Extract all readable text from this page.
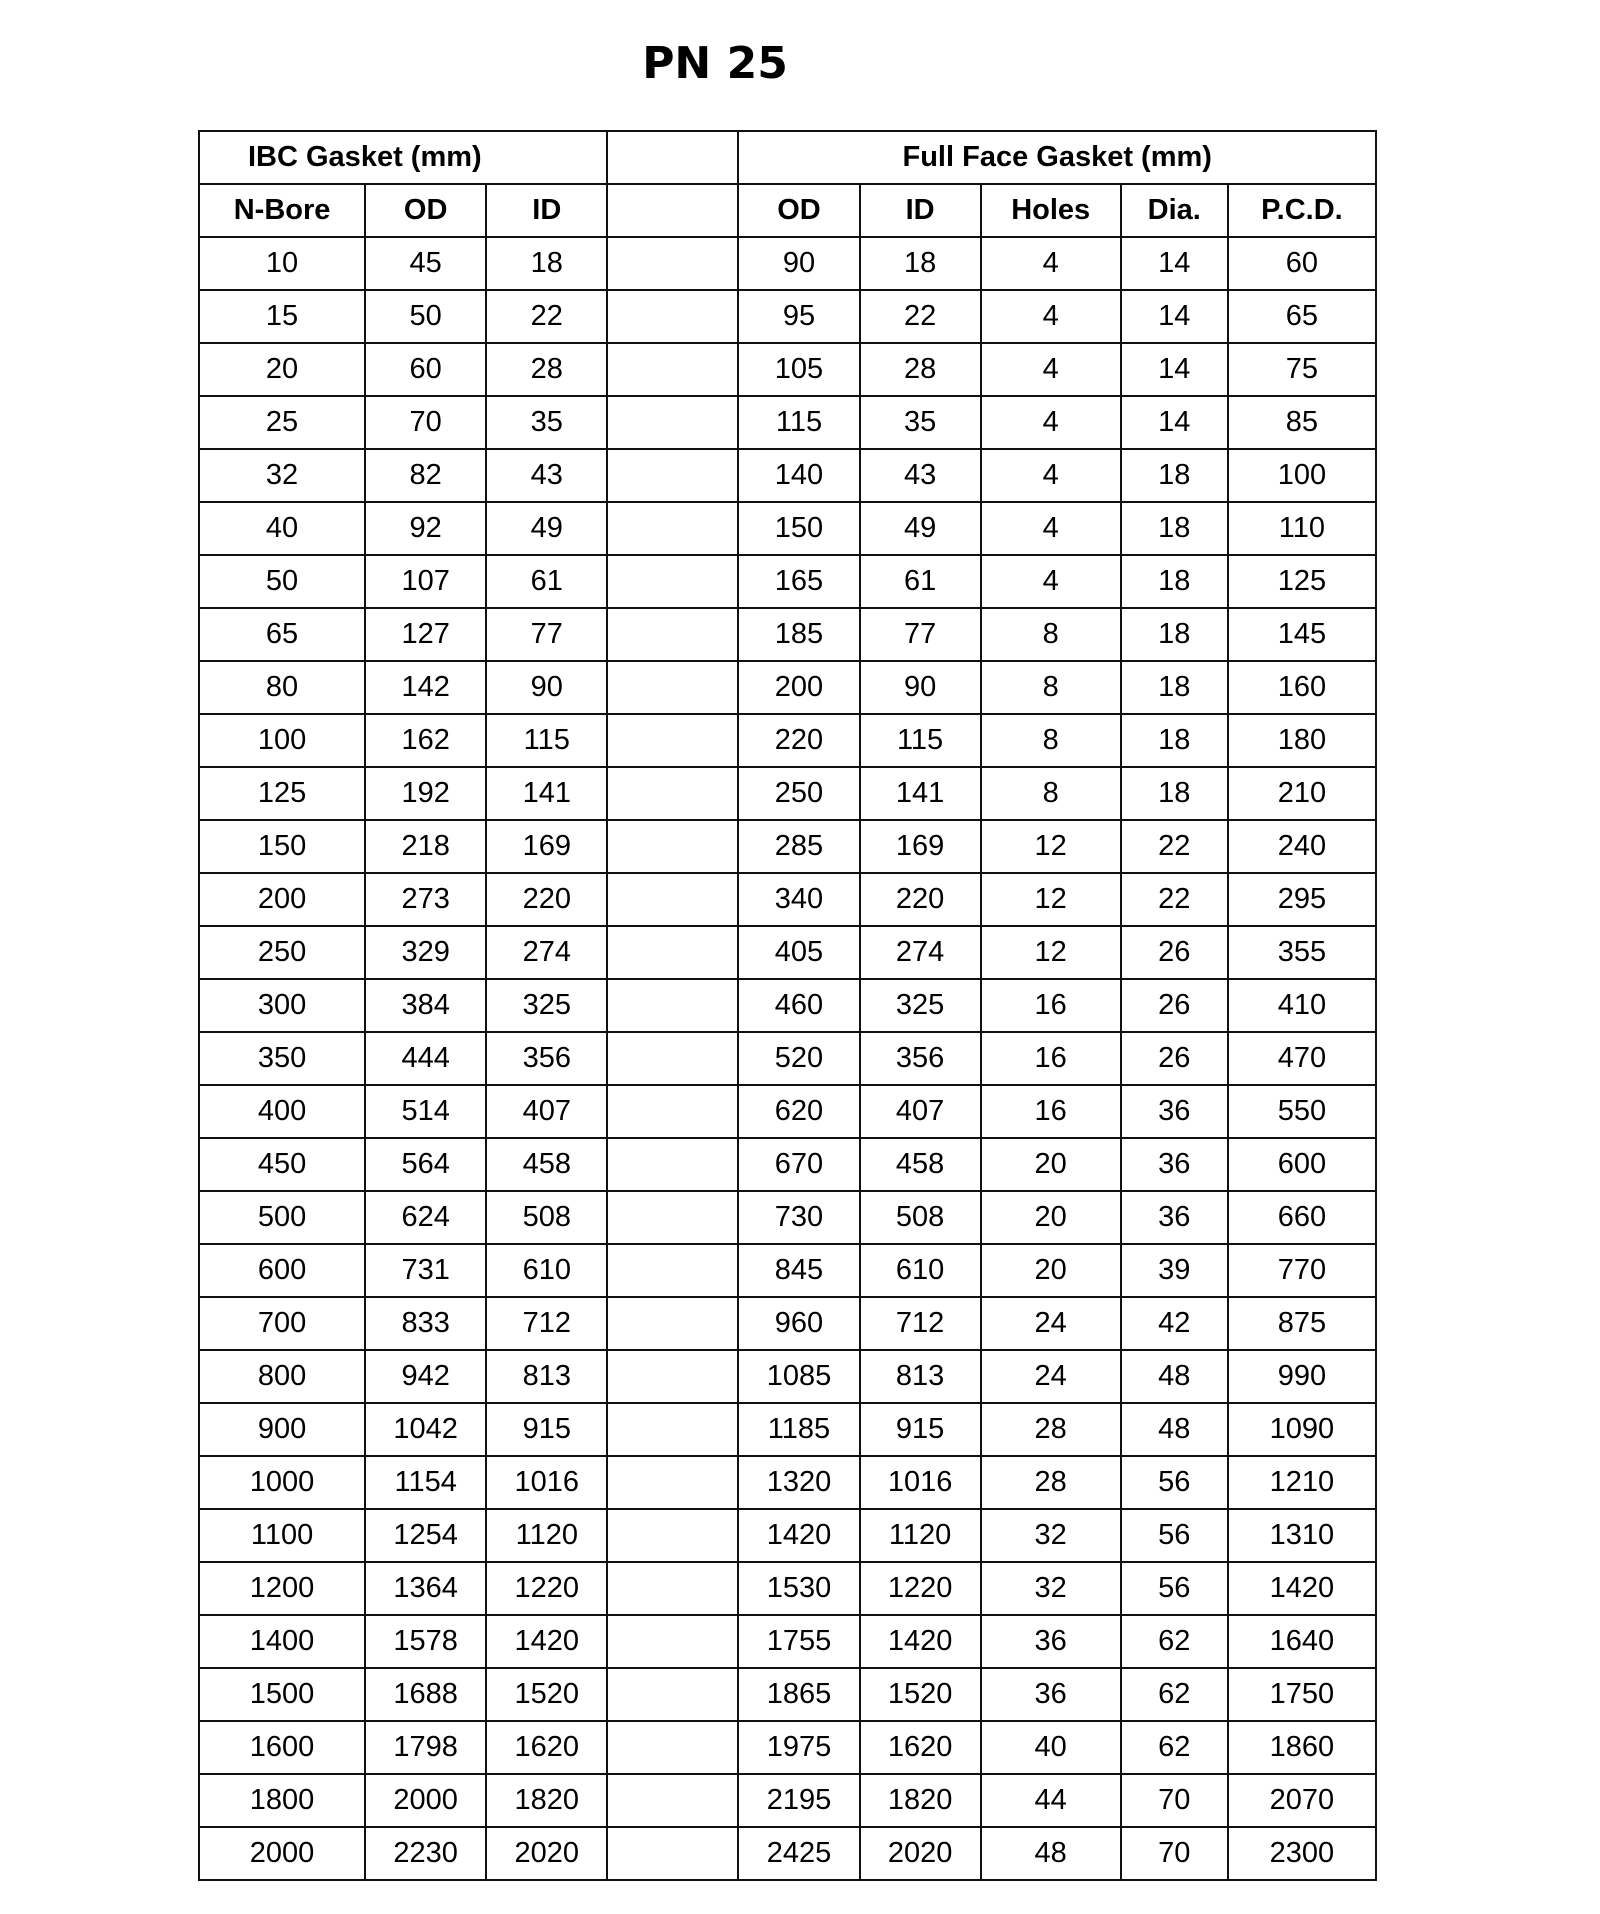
PN 25
IBC Gasket (mm)				Full Face Gasket (mm)				
N-Bore	OD	ID		OD	ID	Holes	Dia.	P.C.D.
10	45	18		90	18	4	14	60
15	50	22		95	22	4	14	65
20	60	28		105	28	4	14	75
25	70	35		115	35	4	14	85
32	82	43		140	43	4	18	100
40	92	49		150	49	4	18	110
50	107	61		165	61	4	18	125
65	127	77		185	77	8	18	145
80	142	90		200	90	8	18	160
100	162	115		220	115	8	18	180
125	192	141		250	141	8	18	210
150	218	169		285	169	12	22	240
200	273	220		340	220	12	22	295
250	329	274		405	274	12	26	355
300	384	325		460	325	16	26	410
350	444	356		520	356	16	26	470
400	514	407		620	407	16	36	550
450	564	458		670	458	20	36	600
500	624	508		730	508	20	36	660
600	731	610		845	610	20	39	770
700	833	712		960	712	24	42	875
800	942	813		1085	813	24	48	990
900	1042	915		1185	915	28	48	1090
1000	1154	1016		1320	1016	28	56	1210
1100	1254	1120		1420	1120	32	56	1310
1200	1364	1220		1530	1220	32	56	1420
1400	1578	1420		1755	1420	36	62	1640
1500	1688	1520		1865	1520	36	62	1750
1600	1798	1620		1975	1620	40	62	1860
1800	2000	1820		2195	1820	44	70	2070
2000	2230	2020		2425	2020	48	70	2300
